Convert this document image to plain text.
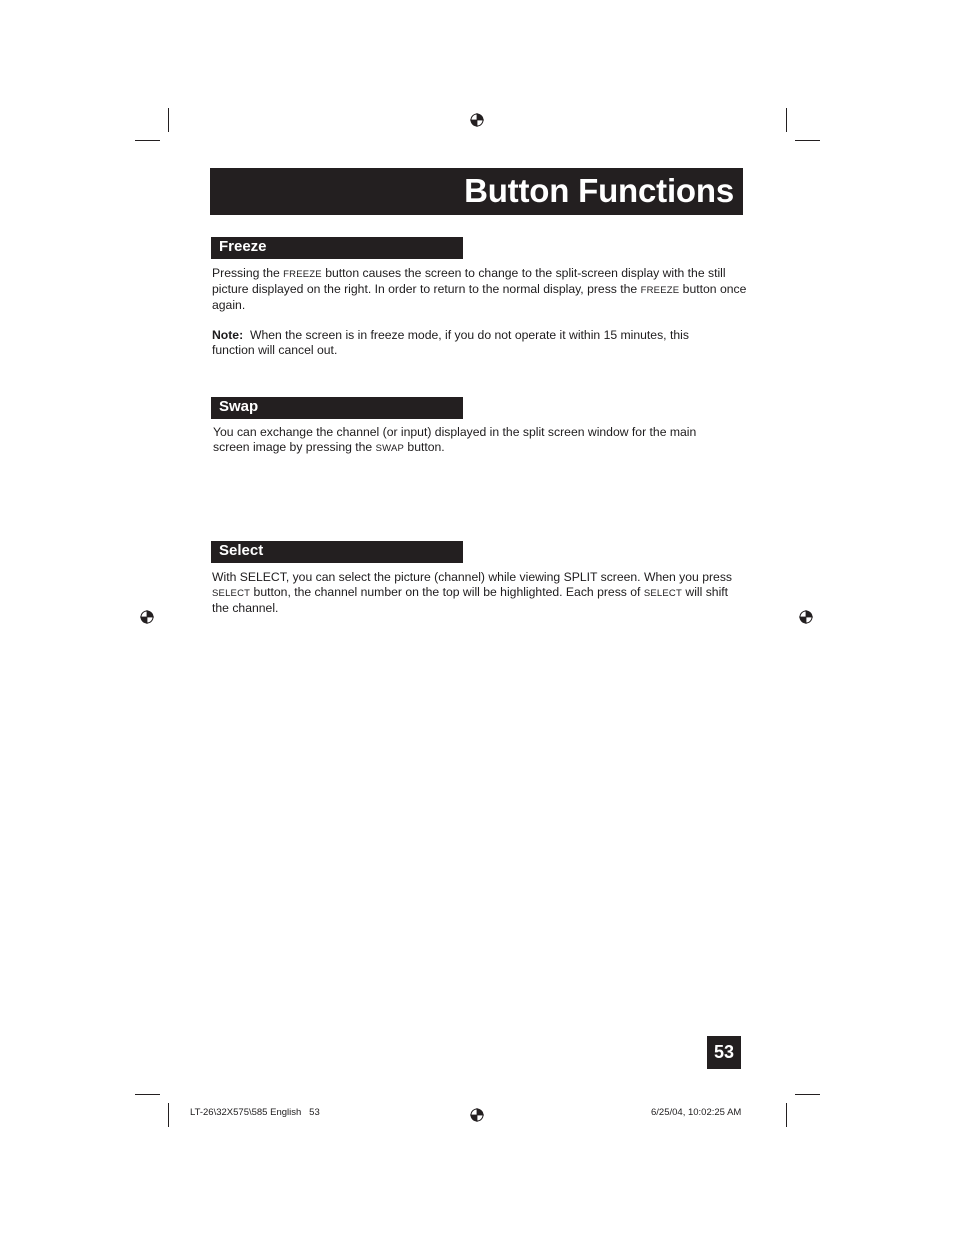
Button Functions
Freeze
Pressing the FREEZE button causes the screen to change to the split-screen display with the still picture displayed on the right. In order to return to the normal display, press the FREEZE button once again.
Note: When the screen is in freeze mode, if you do not operate it within 15 minutes, this function will cancel out.
Swap
You can exchange the channel (or input) displayed in the split screen window for the main screen image by pressing the SWAP button.
Select
With SELECT, you can select the picture (channel) while viewing SPLIT screen. When you press SELECT button, the channel number on the top will be highlighted. Each press of SELECT will shift the channel.
53
LT-26\32X575\585 English   53	6/25/04, 10:02:25 AM
